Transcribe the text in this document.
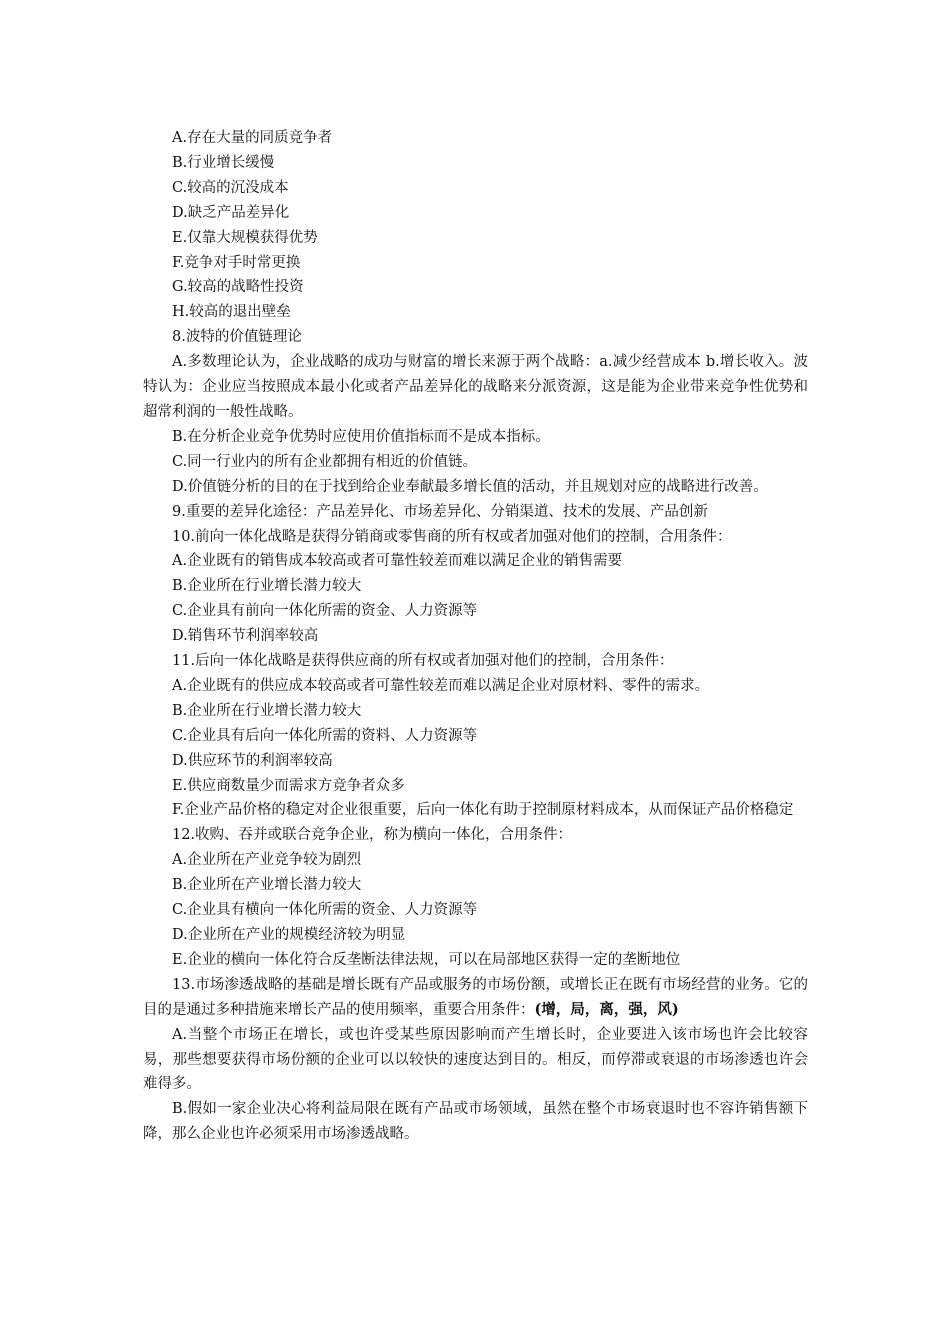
A.存在大量的同质竞争者

B.行业增长缓慢

C.较高的沉没成本

D.缺乏产品差异化

E.仅靠大规模获得优势

F.竞争对手时常更换

G.较高的战略性投资

H.较高的退出壁垒

8.波特的价值链理论

A.多数理论认为，企业战略的成功与财富的增长来源于两个战略：a.减少经营成本 b.增长收入。波特认为：企业应当按照成本最小化或者产品差异化的战略来分派资源，这是能为企业带来竞争性优势和超常利润的一般性战略。

B.在分析企业竞争优势时应使用价值指标而不是成本指标。

C.同一行业内的所有企业都拥有相近的价值链。

D.价值链分析的目的在于找到给企业奉献最多增长值的活动，并且规划对应的战略进行改善。

9.重要的差异化途径：产品差异化、市场差异化、分销渠道、技术的发展、产品创新

10.前向一体化战略是获得分销商或零售商的所有权或者加强对他们的控制，合用条件：

A.企业既有的销售成本较高或者可靠性较差而难以满足企业的销售需要

B.企业所在行业增长潜力较大

C.企业具有前向一体化所需的资金、人力资源等

D.销售环节利润率较高

11.后向一体化战略是获得供应商的所有权或者加强对他们的控制，合用条件：

A.企业既有的供应成本较高或者可靠性较差而难以满足企业对原材料、零件的需求。

B.企业所在行业增长潜力较大

C.企业具有后向一体化所需的资料、人力资源等

D.供应环节的利润率较高

E.供应商数量少而需求方竞争者众多

F.企业产品价格的稳定对企业很重要，后向一体化有助于控制原材料成本，从而保证产品价格稳定

12.收购、吞并或联合竞争企业，称为横向一体化，合用条件：

A.企业所在产业竞争较为剧烈

B.企业所在产业增长潜力较大

C.企业具有横向一体化所需的资金、人力资源等

D.企业所在产业的规模经济较为明显

E.企业的横向一体化符合反垄断法律法规，可以在局部地区获得一定的垄断地位

13.市场渗透战略的基础是增长既有产品或服务的市场份额，或增长正在既有市场经营的业务。它的目的是通过多种措施来增长产品的使用频率，重要合用条件：(增，局，离，强，风)

A.当整个市场正在增长，或也许受某些原因影响而产生增长时，企业要进入该市场也许会比较容易，那些想要获得市场份额的企业可以以较快的速度达到目的。相反，而停滞或衰退的市场渗透也许会难得多。

B.假如一家企业决心将利益局限在既有产品或市场领域，虽然在整个市场衰退时也不容许销售额下降，那么企业也许必须采用市场渗透战略。
